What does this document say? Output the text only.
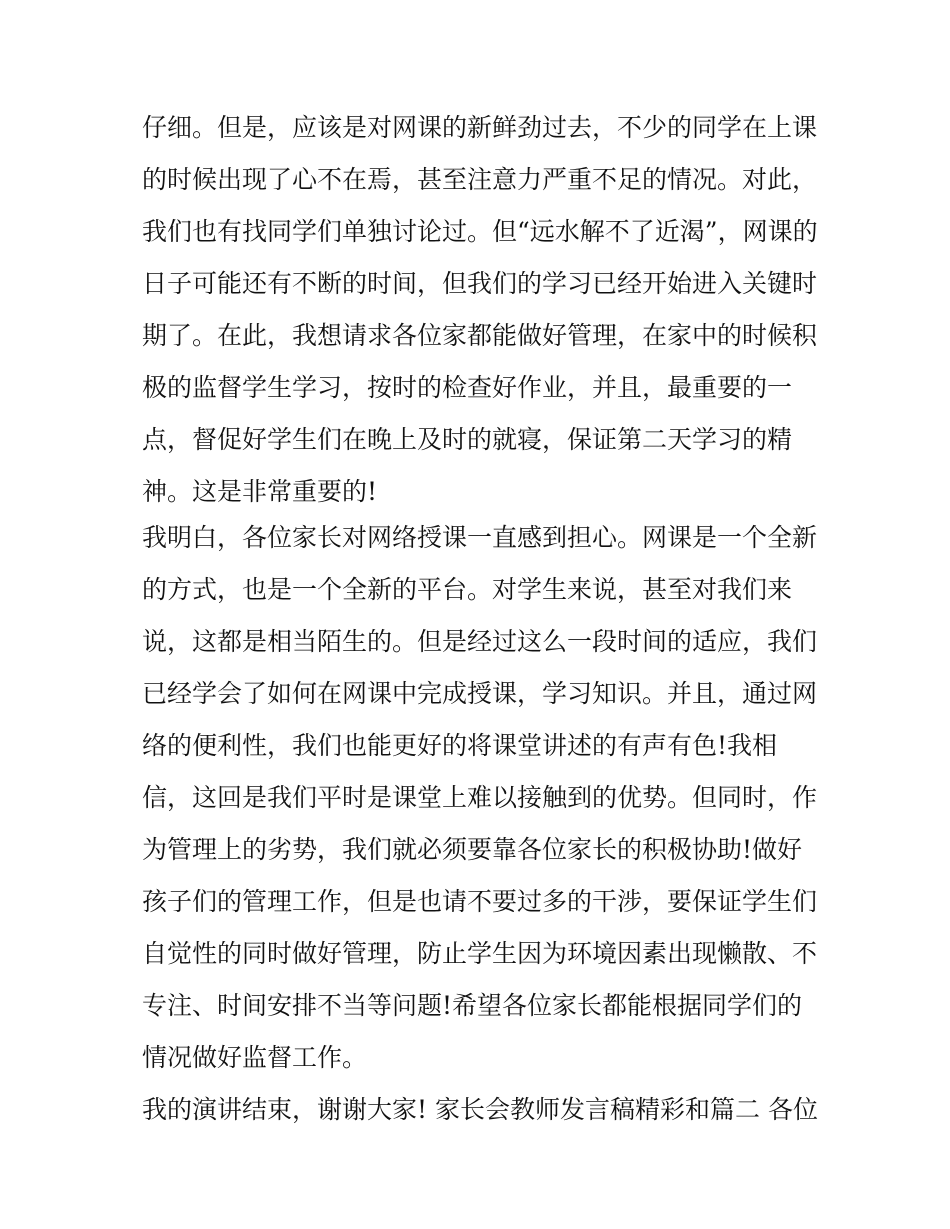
仔细。但是，应该是对网课的新鲜劲过去，不少的同学在上课
的时候出现了心不在焉，甚至注意力严重不足的情况。对此，
我们也有找同学们单独讨论过。但“远水解不了近渴”，网课的
日子可能还有不断的时间，但我们的学习已经开始进入关键时
期了。在此，我想请求各位家都能做好管理，在家中的时候积
极的监督学生学习，按时的检查好作业，并且，最重要的一
点，督促好学生们在晚上及时的就寝，保证第二天学习的精
神。这是非常重要的!
我明白，各位家长对网络授课一直感到担心。网课是一个全新
的方式，也是一个全新的平台。对学生来说，甚至对我们来
说，这都是相当陌生的。但是经过这么一段时间的适应，我们
已经学会了如何在网课中完成授课，学习知识。并且，通过网
络的便利性，我们也能更好的将课堂讲述的有声有色!我相
信，这回是我们平时是课堂上难以接触到的优势。但同时，作
为管理上的劣势，我们就必须要靠各位家长的积极协助!做好
孩子们的管理工作，但是也请不要过多的干涉，要保证学生们
自觉性的同时做好管理，防止学生因为环境因素出现懒散、不
专注、时间安排不当等问题!希望各位家长都能根据同学们的
情况做好监督工作。
我的演讲结束，谢谢大家! 家长会教师发言稿精彩和篇二 各位
